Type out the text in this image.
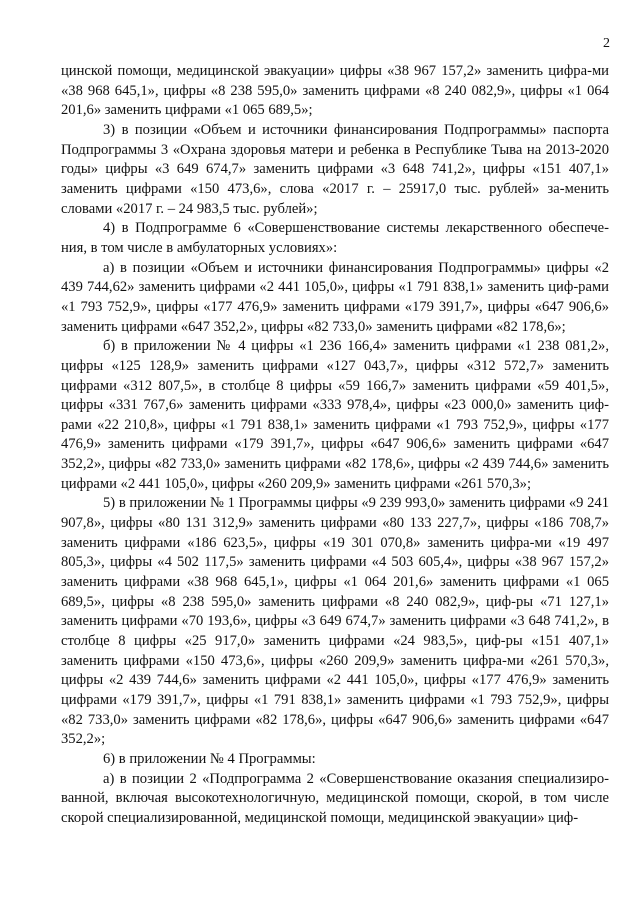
2

цинской помощи, медицинской эвакуации» цифры «38 967 157,2» заменить цифра-ми «38 968 645,1», цифры «8 238 595,0» заменить цифрами «8 240 082,9», цифры «1 064 201,6» заменить цифрами «1 065 689,5»;

3) в позиции «Объем и источники финансирования Подпрограммы» паспорта Подпрограммы 3 «Охрана здоровья матери и ребенка в Республике Тыва на 2013-2020 годы» цифры «3 649 674,7» заменить цифрами «3 648 741,2», цифры «151 407,1» заменить цифрами «150 473,6», слова «2017 г. – 25917,0 тыс. рублей» за-менить словами «2017 г. – 24 983,5 тыс. рублей»;

4) в Подпрограмме 6 «Совершенствование системы лекарственного обеспече-ния, в том числе в амбулаторных условиях»:

а) в позиции «Объем и источники финансирования Подпрограммы» цифры «2 439 744,62» заменить цифрами «2 441 105,0», цифры «1 791 838,1» заменить циф-рами «1 793 752,9», цифры «177 476,9» заменить цифрами «179 391,7», цифры «647 906,6» заменить цифрами «647 352,2», цифры «82 733,0» заменить цифрами «82 178,6»;

б) в приложении № 4 цифры «1 236 166,4» заменить цифрами «1 238 081,2», цифры «125 128,9» заменить цифрами «127 043,7», цифры «312 572,7» заменить цифрами «312 807,5», в столбце 8 цифры «59 166,7» заменить цифрами «59 401,5», цифры «331 767,6» заменить цифрами «333 978,4», цифры «23 000,0» заменить циф-рами «22 210,8», цифры «1 791 838,1» заменить цифрами «1 793 752,9», цифры «177 476,9» заменить цифрами «179 391,7», цифры «647 906,6» заменить цифрами «647 352,2», цифры «82 733,0» заменить цифрами «82 178,6», цифры «2 439 744,6» заменить цифрами «2 441 105,0», цифры «260 209,9» заменить цифрами «261 570,3»;

5) в приложении № 1 Программы цифры «9 239 993,0» заменить цифрами «9 241 907,8», цифры «80 131 312,9» заменить цифрами «80 133 227,7», цифры «186 708,7» заменить цифрами «186 623,5», цифры «19 301 070,8» заменить цифра-ми «19 497 805,3», цифры «4 502 117,5» заменить цифрами «4 503 605,4», цифры «38 967 157,2» заменить цифрами «38 968 645,1», цифры «1 064 201,6» заменить цифрами «1 065 689,5», цифры «8 238 595,0» заменить цифрами «8 240 082,9», циф-ры «71 127,1» заменить цифрами «70 193,6», цифры «3 649 674,7» заменить цифрами «3 648 741,2», в столбце 8 цифры «25 917,0» заменить цифрами «24 983,5», циф-ры «151 407,1» заменить цифрами «150 473,6», цифры «260 209,9» заменить цифра-ми «261 570,3», цифры «2 439 744,6» заменить цифрами «2 441 105,0», цифры «177 476,9» заменить цифрами «179 391,7», цифры «1 791 838,1» заменить цифрами «1 793 752,9», цифры «82 733,0» заменить цифрами «82 178,6», цифры «647 906,6» заменить цифрами «647 352,2»;

6) в приложении № 4 Программы:

а) в позиции 2 «Подпрограмма 2 «Совершенствование оказания специализиро-ванной, включая высокотехнологичную, медицинской помощи, скорой, в том числе скорой специализированной, медицинской помощи, медицинской эвакуации» циф-
